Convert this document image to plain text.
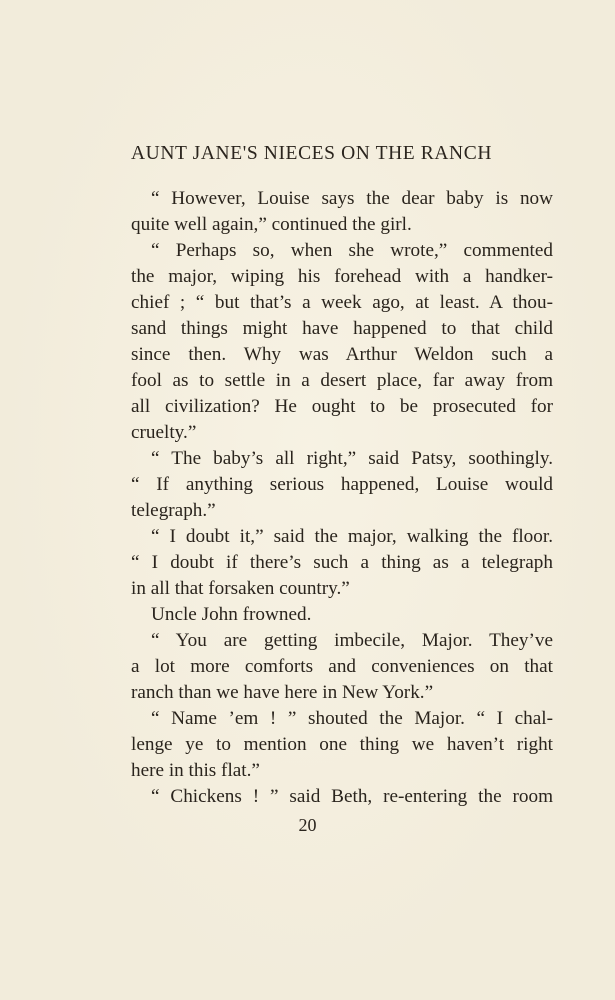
AUNT JANE'S NIECES ON THE RANCH
“ However, Louise says the dear baby is now
quite well again,” continued the girl.
“ Perhaps so, when she wrote,” commented
the major, wiping his forehead with a handker-
chief ; “ but that’s a week ago, at least. A thou-
sand things might have happened to that child
since then. Why was Arthur Weldon such a
fool as to settle in a desert place, far away from
all civilization? He ought to be prosecuted for
cruelty.”
“ The baby’s all right,” said Patsy, soothingly.
“ If anything serious happened, Louise would
telegraph.”
“ I doubt it,” said the major, walking the floor.
“ I doubt if there’s such a thing as a telegraph
in all that forsaken country.”
Uncle John frowned.
“ You are getting imbecile, Major. They’ve
a lot more comforts and conveniences on that
ranch than we have here in New York.”
“ Name ’em ! ” shouted the Major. “ I chal-
lenge ye to mention one thing we haven’t right
here in this flat.”
“ Chickens ! ” said Beth, re-entering the room
20
